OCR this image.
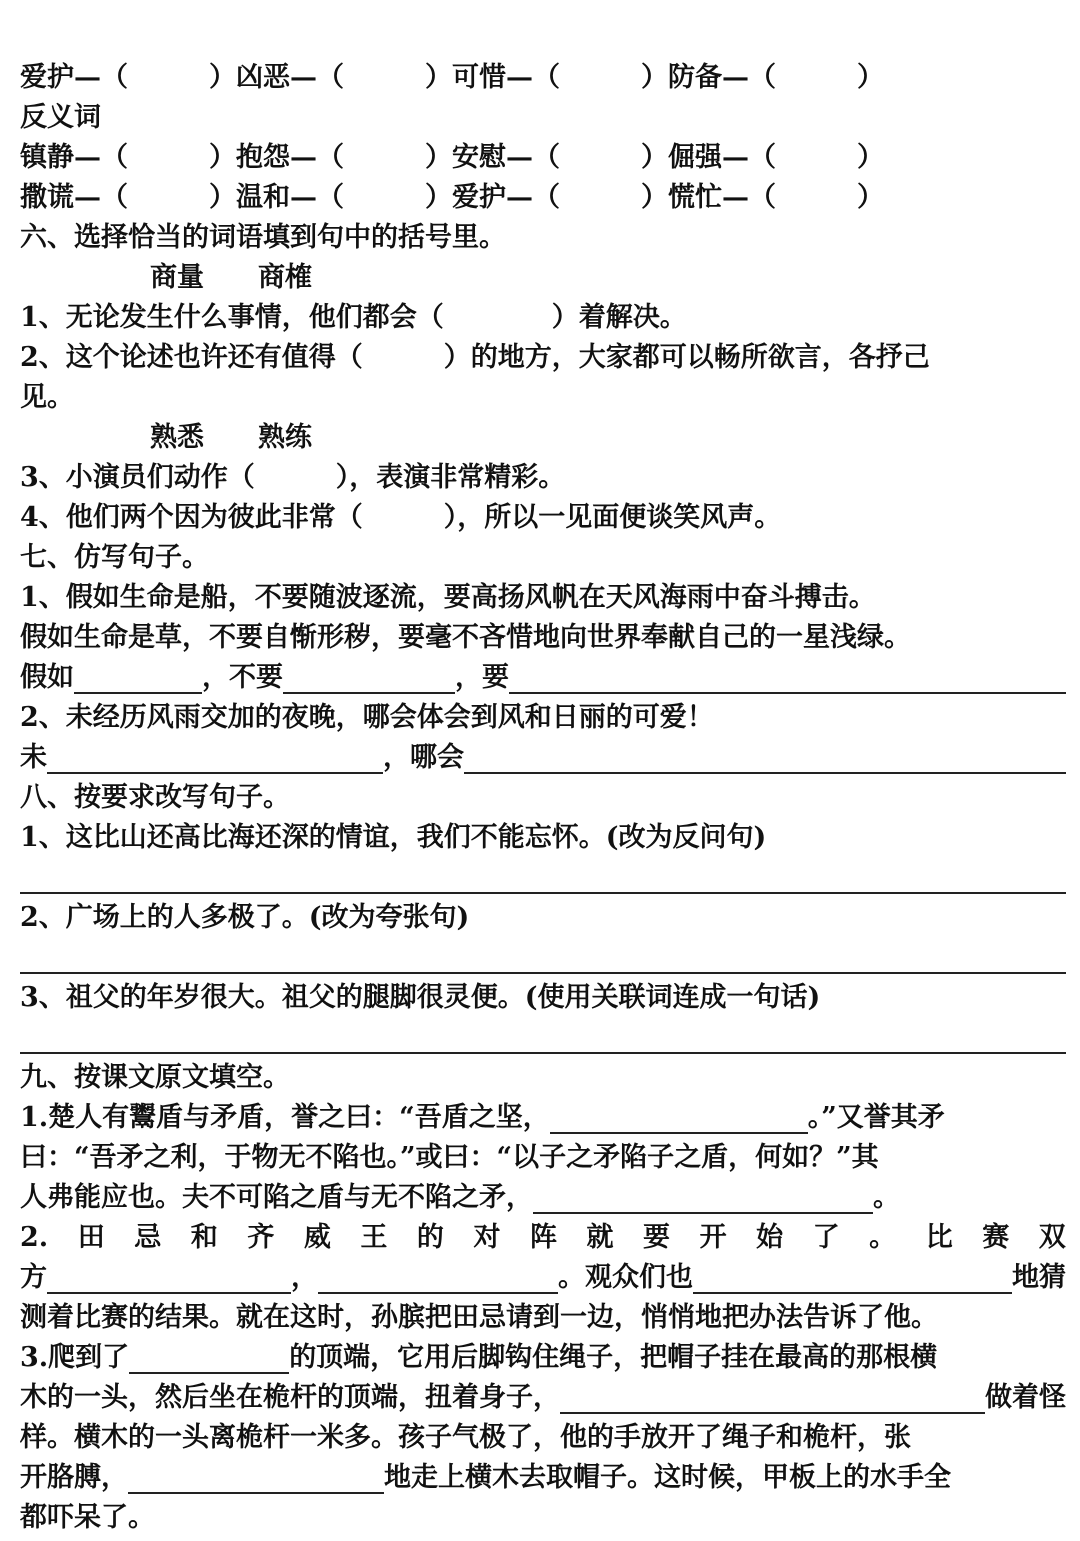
爱护—（　　　）凶恶—（　　　）可惜—（　　　）防备—（　　　）
反义词
镇静—（　　　）抱怨—（　　　）安慰—（　　　）倔强—（　　　）
撒谎—（　　　）温和—（　　　）爱护—（　　　）慌忙—（　　　）
六、选择恰当的词语填到句中的括号里。
商量　　商榷
1、无论发生什么事情，他们都会（　　　　）着解决。
2、这个论述也许还有值得（　　　）的地方，大家都可以畅所欲言，各抒己
见。
熟悉　　熟练
3、小演员们动作（　　　），表演非常精彩。
4、他们两个因为彼此非常（　　　），所以一见面便谈笑风声。
七、仿写句子。
1、假如生命是船，不要随波逐流，要高扬风帆在天风海雨中奋斗搏击。
假如生命是草，不要自惭形秽，要毫不吝惜地向世界奉献自己的一星浅绿。
假如	，不要	，要
2、未经历风雨交加的夜晚，哪会体会到风和日丽的可爱！
未	，哪会
八、按要求改写句子。
1、这比山还高比海还深的情谊，我们不能忘怀。(改为反问句)
2、广场上的人多极了。(改为夸张句)
3、祖父的年岁很大。祖父的腿脚很灵便。(使用关联词连成一句话)
九、按课文原文填空。
1.楚人有鬻盾与矛盾，誉之曰：“吾盾之坚，	。”又誉其矛
曰：“吾矛之利，于物无不陷也。”或曰：“以子之矛陷子之盾，何如？”其
人弗能应也。夫不可陷之盾与无不陷之矛，	。
2. 田 忌 和 齐 威 王 的 对 阵 就 要 开 始 了 。 比 赛 双
方	，	。观众们也	地猜
测着比赛的结果。就在这时，孙膑把田忌请到一边，悄悄地把办法告诉了他。
3.爬到了	的顶端，它用后脚钩住绳子，把帽子挂在最高的那根横
木的一头，然后坐在桅杆的顶端，扭着身子，	做着怪
样。横木的一头离桅杆一米多。孩子气极了，他的手放开了绳子和桅杆，张
开胳膊，	地走上横木去取帽子。这时候，甲板上的水手全
都吓呆了。
